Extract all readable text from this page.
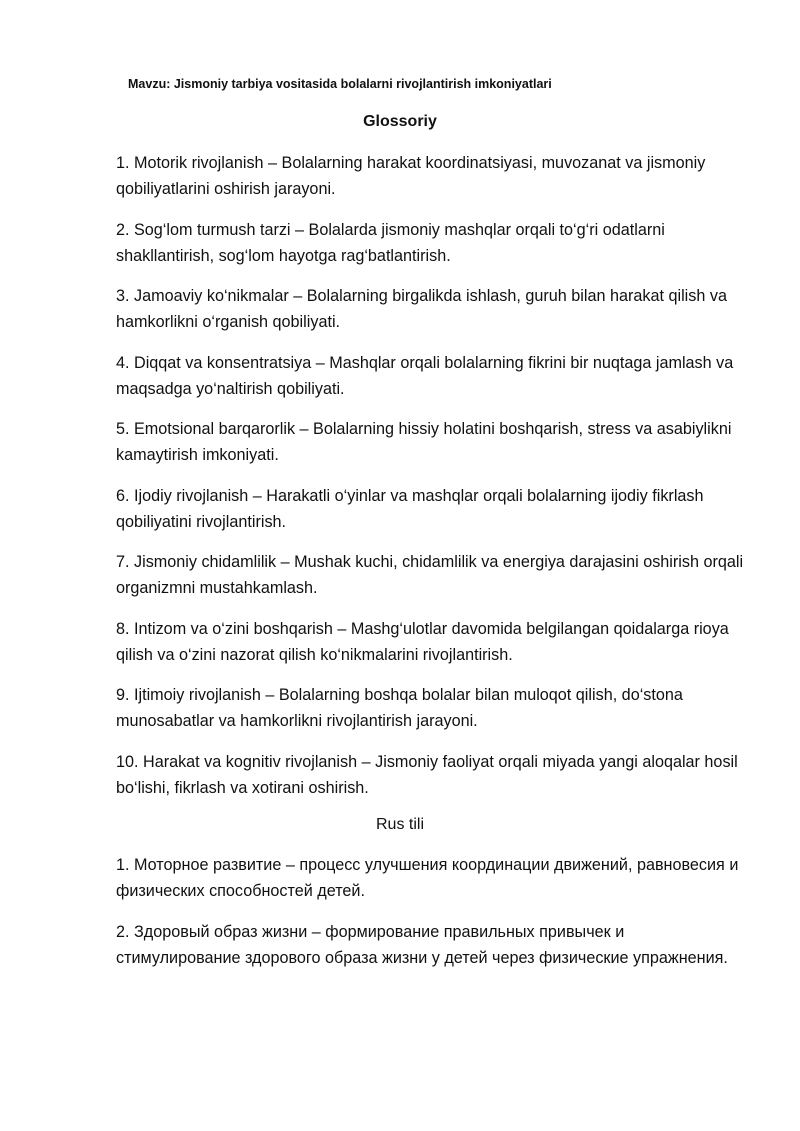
Mavzu: Jismoniy tarbiya vositasida bolalarni rivojlantirish imkoniyatlari
Glossoriy
1. Motorik rivojlanish – Bolalarning harakat koordinatsiyasi, muvozanat va jismoniy qobiliyatlarini oshirish jarayoni.
2. Sog‘lom turmush tarzi – Bolalarda jismoniy mashqlar orqali to‘g‘ri odatlarni shakllantirish, sog‘lom hayotga rag‘batlantirish.
3. Jamoaviy ko‘nikmalar – Bolalarning birgalikda ishlash, guruh bilan harakat qilish va hamkorlikni o‘rganish qobiliyati.
4. Diqqat va konsentratsiya – Mashqlar orqali bolalarning fikrini bir nuqtaga jamlash va maqsadga yo‘naltirish qobiliyati.
5. Emotsional barqarorlik – Bolalarning hissiy holatini boshqarish, stress va asabiylikni kamaytirish imkoniyati.
6. Ijodiy rivojlanish – Harakatli o‘yinlar va mashqlar orqali bolalarning ijodiy fikrlash qobiliyatini rivojlantirish.
7. Jismoniy chidamlilik – Mushak kuchi, chidamlilik va energiya darajasini oshirish orqali organizmni mustahkamlash.
8. Intizom va o‘zini boshqarish – Mashg‘ulotlar davomida belgilangan qoidalarga rioya qilish va o‘zini nazorat qilish ko‘nikmalarini rivojlantirish.
9. Ijtimoiy rivojlanish – Bolalarning boshqa bolalar bilan muloqot qilish, do‘stona munosabatlar va hamkorlikni rivojlantirish jarayoni.
10. Harakat va kognitiv rivojlanish – Jismoniy faoliyat orqali miyada yangi aloqalar hosil bo‘lishi, fikrlash va xotirani oshirish.
Rus tili
1. Моторное развитие – процесс улучшения координации движений, равновесия и физических способностей детей.
2. Здоровый образ жизни – формирование правильных привычек и стимулирование здорового образа жизни у детей через физические упражнения.
